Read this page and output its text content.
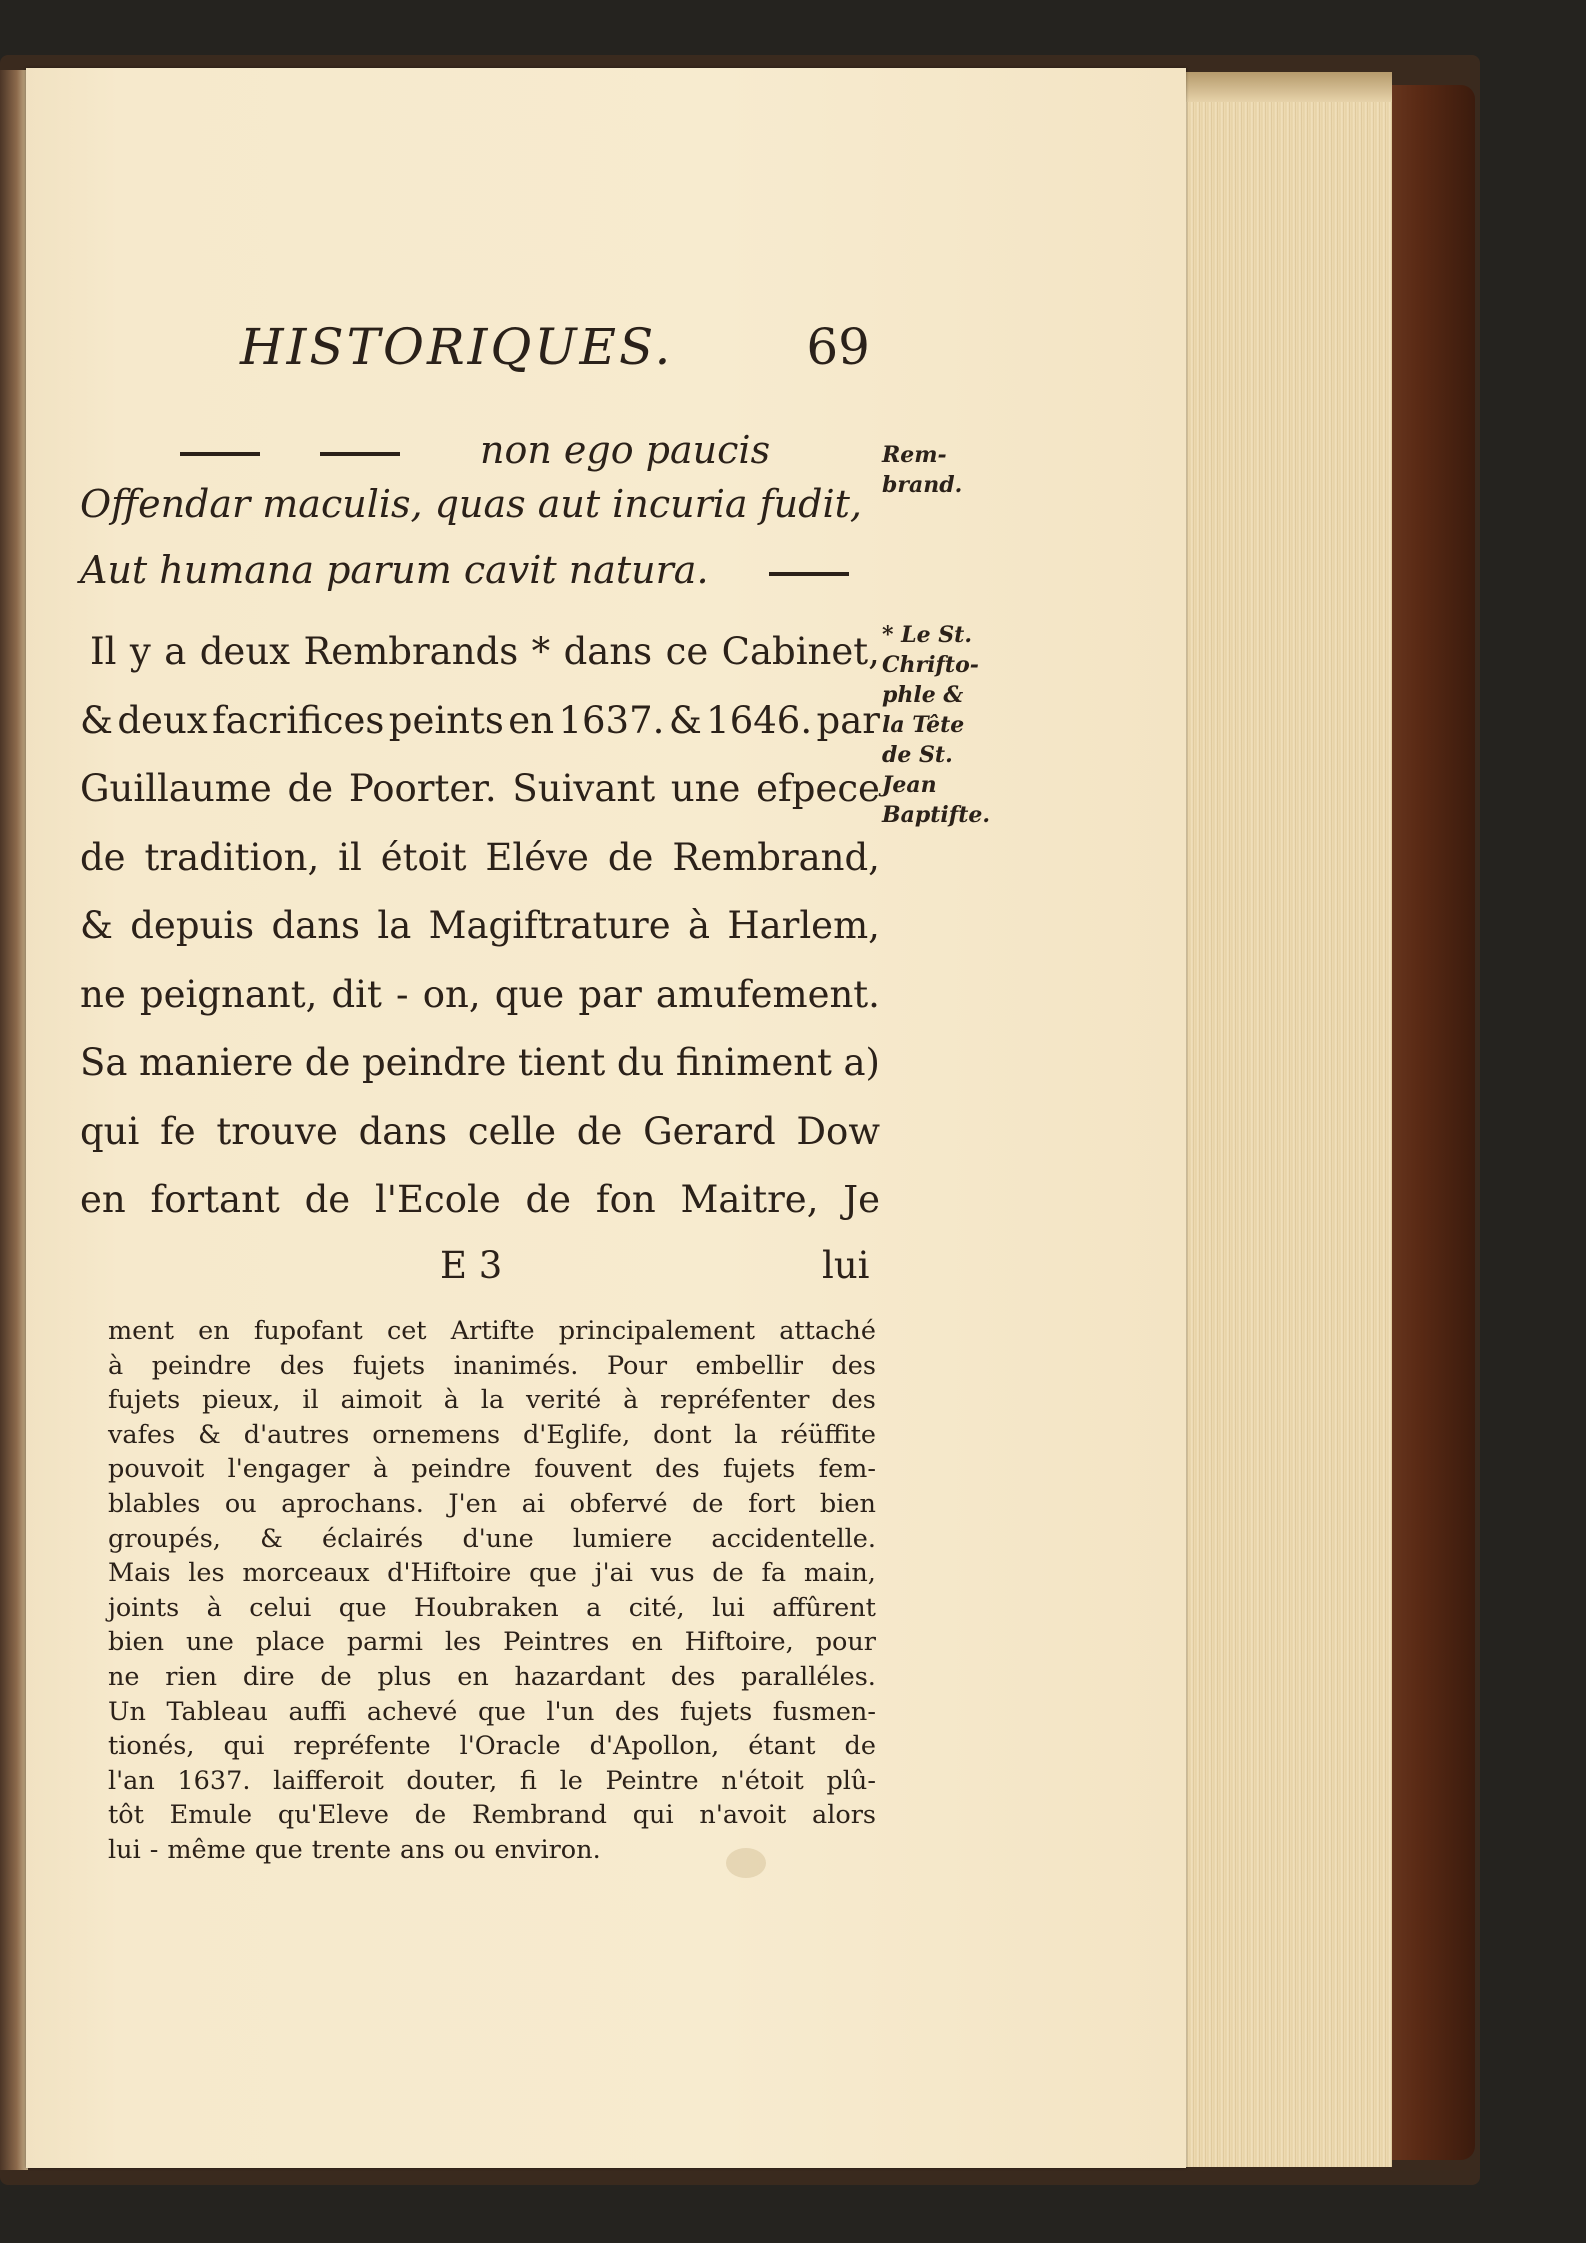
HISTORIQUES.	69
non ego paucis
Offendar maculis, quas aut incuria fudit,
Aut humana parum cavit natura.
Il y a deux Rembrands * dans ce Cabinet,
& deux facrifices peints en 1637. & 1646. par
Guillaume de Poorter. Suivant une efpece
de tradition, il étoit Eléve de Rembrand,
& depuis dans la Magiftrature à Harlem,
ne peignant, dit - on, que par amufement.
Sa maniere de peindre tient du finiment a)
qui fe trouve dans celle de Gerard Dow
en fortant de l'Ecole de fon Maitre, Je
E 3	lui
ment en fupofant cet Artifte principalement attaché
à peindre des fujets inanimés. Pour embellir des
fujets pieux, il aimoit à la verité à repréfenter des
vafes & d'autres ornemens d'Eglife, dont la réüffite
pouvoit l'engager à peindre fouvent des fujets fem-
blables ou aprochans. J'en ai obfervé de fort bien
groupés, & éclairés d'une lumiere accidentelle.
Mais les morceaux d'Hiftoire que j'ai vus de fa main,
joints à celui que Houbraken a cité, lui affûrent
bien une place parmi les Peintres en Hiftoire, pour
ne rien dire de plus en hazardant des paralléles.
Un Tableau auffi achevé que l'un des fujets fusmen-
tionés, qui repréfente l'Oracle d'Apollon, étant de
l'an 1637. laifferoit douter, fi le Peintre n'étoit plû-
tôt Emule qu'Eleve de Rembrand qui n'avoit alors
lui - même que trente ans ou environ.
Rem-
brand.
* Le St.
Chrifto-
phle &
la Tête
de St.
Jean
Baptifte.
